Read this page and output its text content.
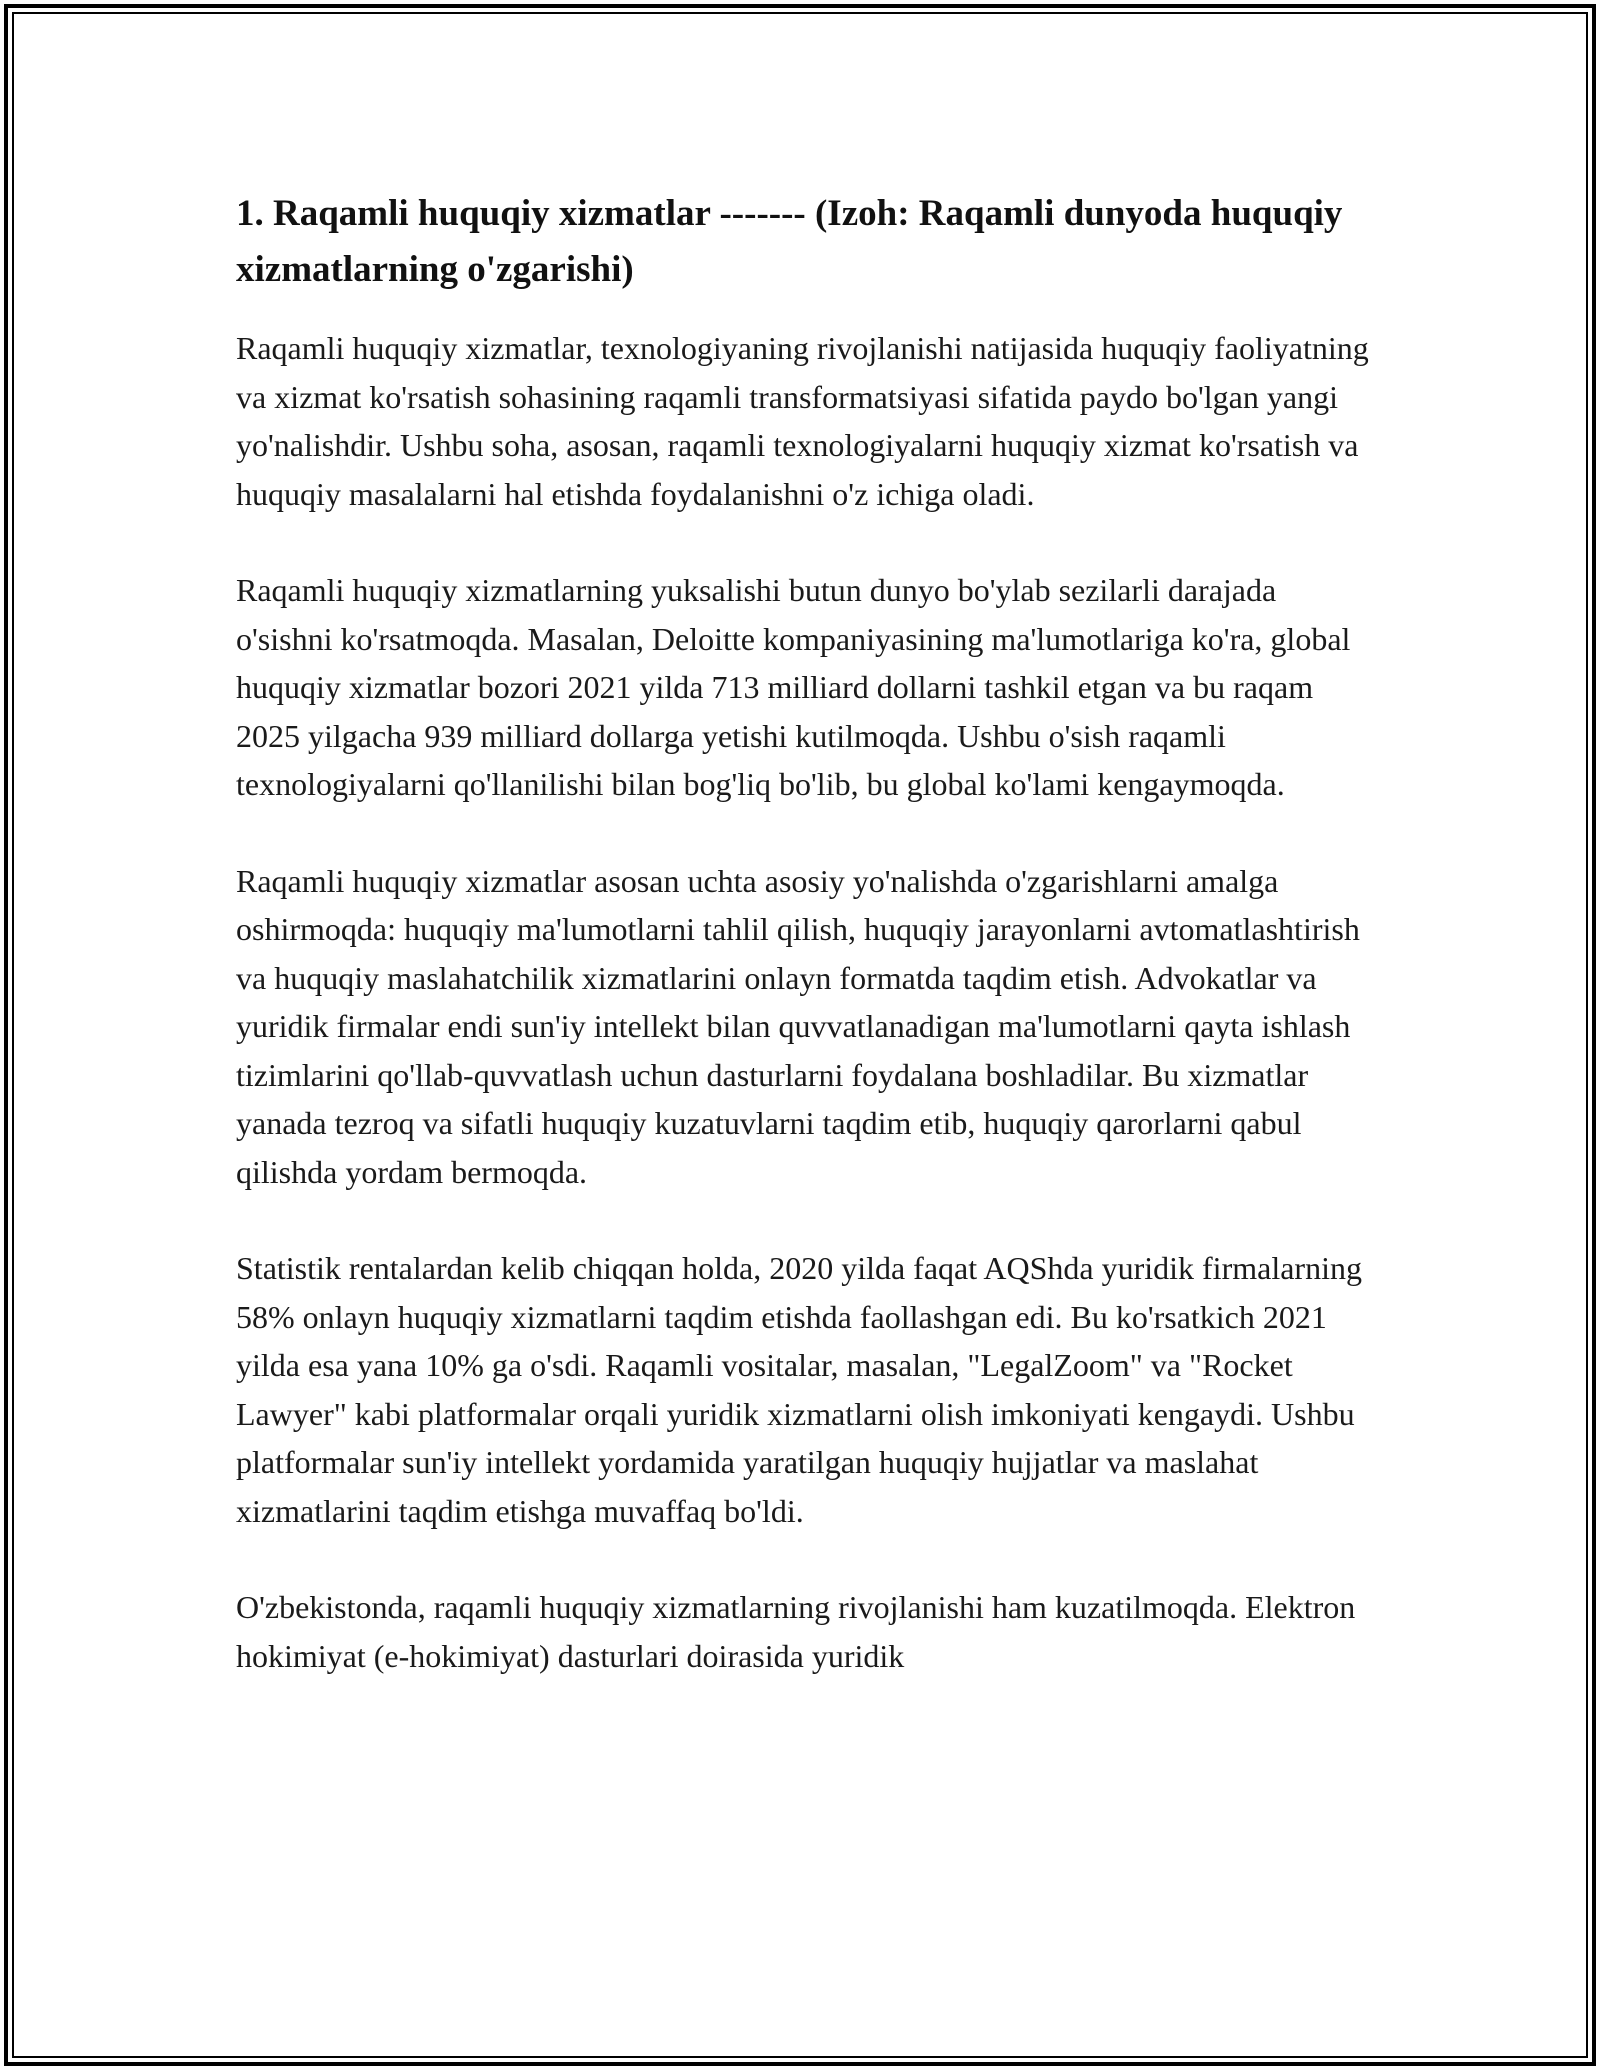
1. Raqamli huquqiy xizmatlar ------- (Izoh: Raqamli dunyoda huquqiy xizmatlarning o'zgarishi)

Raqamli huquqiy xizmatlar, texnologiyaning rivojlanishi natijasida huquqiy faoliyatning va xizmat ko'rsatish sohasining raqamli transformatsiyasi sifatida paydo bo'lgan yangi yo'nalishdir. Ushbu soha, asosan, raqamli texnologiyalarni huquqiy xizmat ko'rsatish va huquqiy masalalarni hal etishda foydalanishni o'z ichiga oladi.

Raqamli huquqiy xizmatlarning yuksalishi butun dunyo bo'ylab sezilarli darajada o'sishni ko'rsatmoqda. Masalan, Deloitte kompaniyasining ma'lumotlariga ko'ra, global huquqiy xizmatlar bozori 2021 yilda 713 milliard dollarni tashkil etgan va bu raqam 2025 yilgacha 939 milliard dollarga yetishi kutilmoqda. Ushbu o'sish raqamli texnologiyalarni qo'llanilishi bilan bog'liq bo'lib, bu global ko'lami kengaymoqda.

Raqamli huquqiy xizmatlar asosan uchta asosiy yo'nalishda o'zgarishlarni amalga oshirmoqda: huquqiy ma'lumotlarni tahlil qilish, huquqiy jarayonlarni avtomatlashtirish va huquqiy maslahatchilik xizmatlarini onlayn formatda taqdim etish. Advokatlar va yuridik firmalar endi sun'iy intellekt bilan quvvatlanadigan ma'lumotlarni qayta ishlash tizimlarini qo'llab-quvvatlash uchun dasturlarni foydalana boshladilar. Bu xizmatlar yanada tezroq va sifatli huquqiy kuzatuvlarni taqdim etib, huquqiy qarorlarni qabul qilishda yordam bermoqda.

Statistik rentalardan kelib chiqqan holda, 2020 yilda faqat AQShda yuridik firmalarning 58% onlayn huquqiy xizmatlarni taqdim etishda faollashgan edi. Bu ko'rsatkich 2021 yilda esa yana 10% ga o'sdi. Raqamli vositalar, masalan, "LegalZoom" va "Rocket Lawyer" kabi platformalar orqali yuridik xizmatlarni olish imkoniyati kengaydi. Ushbu platformalar sun'iy intellekt yordamida yaratilgan huquqiy hujjatlar va maslahat xizmatlarini taqdim etishga muvaffaq bo'ldi.

O'zbekistonda, raqamli huquqiy xizmatlarning rivojlanishi ham kuzatilmoqda. Elektron hokimiyat (e-hokimiyat) dasturlari doirasida yuridik
